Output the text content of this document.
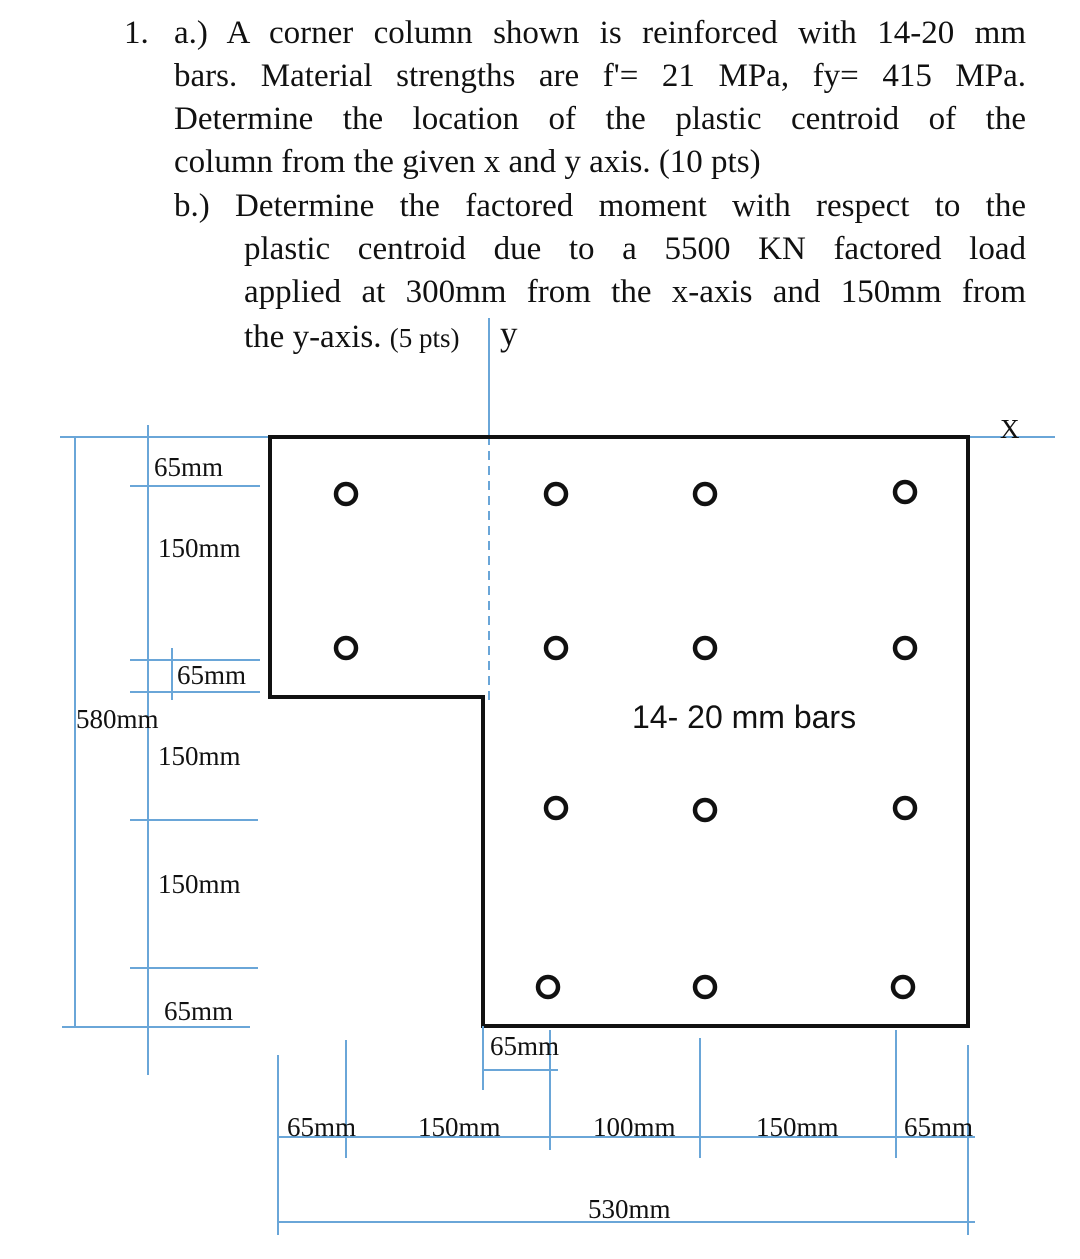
1. a.) A corner column shown is reinforced with 14-20 mm
bars. Material strengths are f'= 21 MPa, fy= 415 MPa.
Determine the location of the plastic centroid of the
column from the given x and y axis. (10 pts)
b.) Determine the factored moment with respect to the
plastic centroid due to a 5500 KN factored load
applied at 300mm from the x-axis and 150mm from
the y-axis. (5 pts) y
X
14- 20 mm bars
65mm
150mm
65mm
150mm
150mm
65mm
580mm
65mm 150mm	100mm	150mm 65mm
65mm
530mm
